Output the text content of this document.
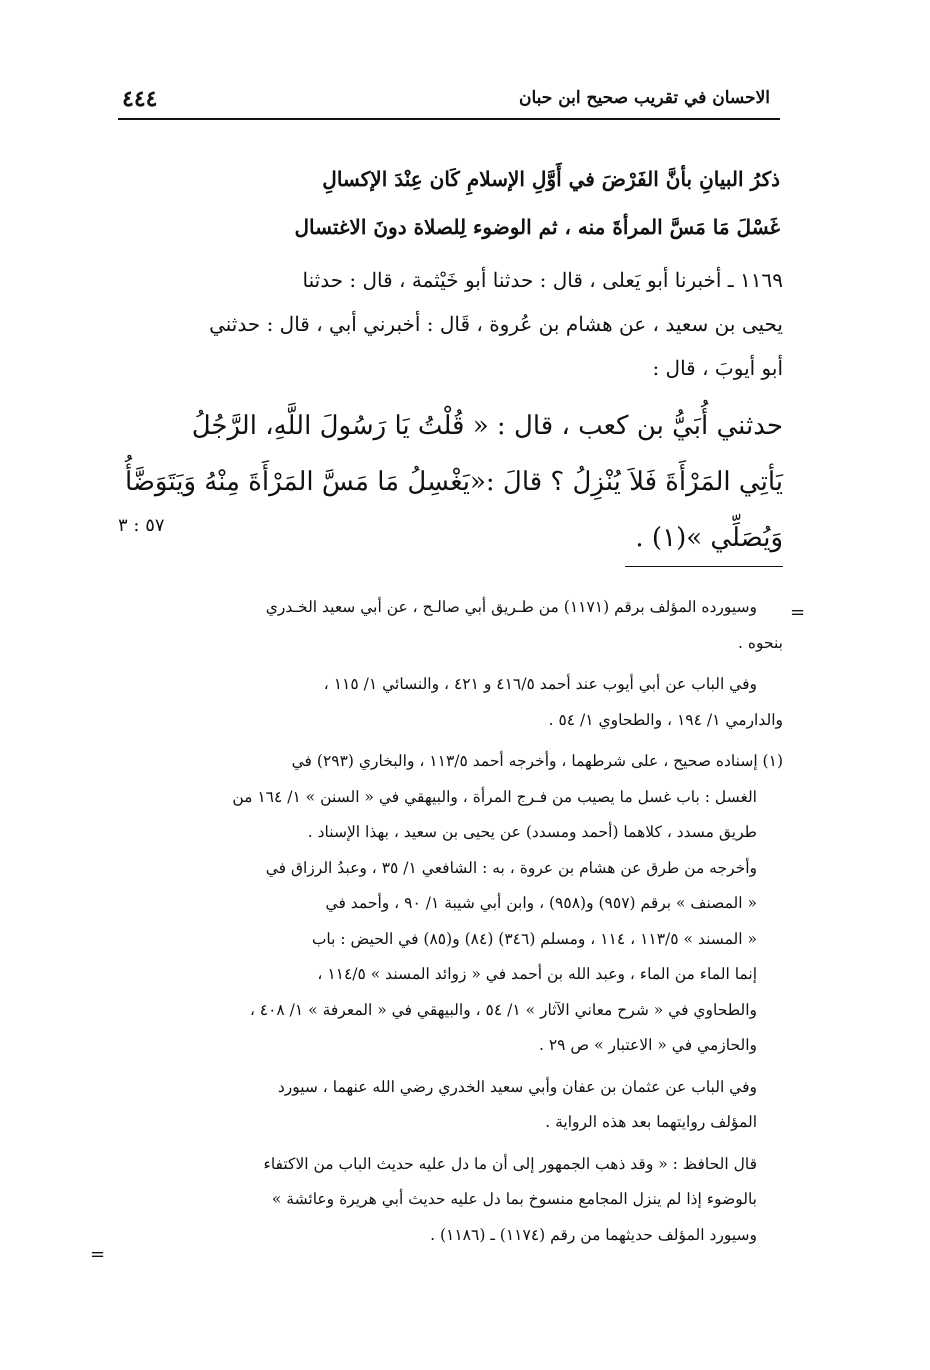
الاحسان في تقريب صحيح ابن حبان
٤٤٤
ذكرُ البيانِ بأنَّ الفَرْضَ في أَوَّلِ الإسلامِ كَان عِنْدَ الإكسالِ
غَسْلَ مَا مَسَّ المرأةَ منه ، ثم الوضوء لِلصلاة دونَ الاغتسال

١١٦٩ ـ أخبرنا أبو يَعلى ، قال : حدثنا أبو خَيْثمة ، قال : حدثنا

يحيى بن سعيد ، عن هشام بن عُروة ، قَال : أخبرني أبي ، قال : حدثني

أبو أيوبَ ، قال :

حدثني أُبَيُّ بن كعب ، قال : « قُلْتُ يَا رَسُولَ اللَّهِ، الرَّجُلُ

يَأتِي المَرْأَةَ فَلاَ يُنْزِلُ ؟ قالَ :«يَغْسِلُ مَا مَسَّ المَرْأَةَ مِنْهُ وَيَتَوَضَّأُ

وَيُصَلِّي »(١) .

٥٧ : ٣
=

وسيورده المؤلف برقم (١١٧١) من طـريق أبي صالـح ، عن أبي سعيد الخـدري

بنحوه .

وفي الباب عن أبي أيوب عند أحمد ٤١٦/٥ و ٤٢١ ، والنسائي ١/ ١١٥ ،

والدارمي ١/ ١٩٤ ، والطحاوي ١/ ٥٤ .

(١) إسناده صحيح ، على شرطهما ، وأخرجه أحمد ١١٣/٥ ، والبخاري (٢٩٣) في

الغسل : باب غسل ما يصيب من فـرج المرأة ، والبيهقي في « السنن » ١/ ١٦٤ من

طريق مسدد ، كلاهما (أحمد ومسدد) عن يحيى بن سعيد ، بهذا الإسناد .

وأخرجه من طرق عن هشام بن عروة ، به : الشافعي ١/ ٣٥ ، وعبدُ الرزاق في

« المصنف » برقم (٩٥٧) و(٩٥٨) ، وابن أبي شيبة ١/ ٩٠ ، وأحمد في

« المسند » ١١٣/٥ ، ١١٤ ، ومسلم (٣٤٦) (٨٤) و(٨٥) في الحيض : باب

إنما الماء من الماء ، وعبد الله بن أحمد في « زوائد المسند » ١١٤/٥ ،

والطحاوي في « شرح معاني الآثار » ١/ ٥٤ ، والبيهقي في « المعرفة » ١/ ٤٠٨ ،

والحازمي في « الاعتبار » ص ٢٩ .

وفي الباب عن عثمان بن عفان وأبي سعيد الخدري رضي الله عنهما ، سيورد

المؤلف روايتهما بعد هذه الرواية .

قال الحافظ : « وقد ذهب الجمهور إلى أن ما دل عليه حديث الباب من الاكتفاء

بالوضوء إذا لم ينزل المجامع منسوخ بما دل عليه حديث أبي هريرة وعائشة »

وسيورد المؤلف حديثهما من رقم (١١٧٤) ـ (١١٨٦) .

=
